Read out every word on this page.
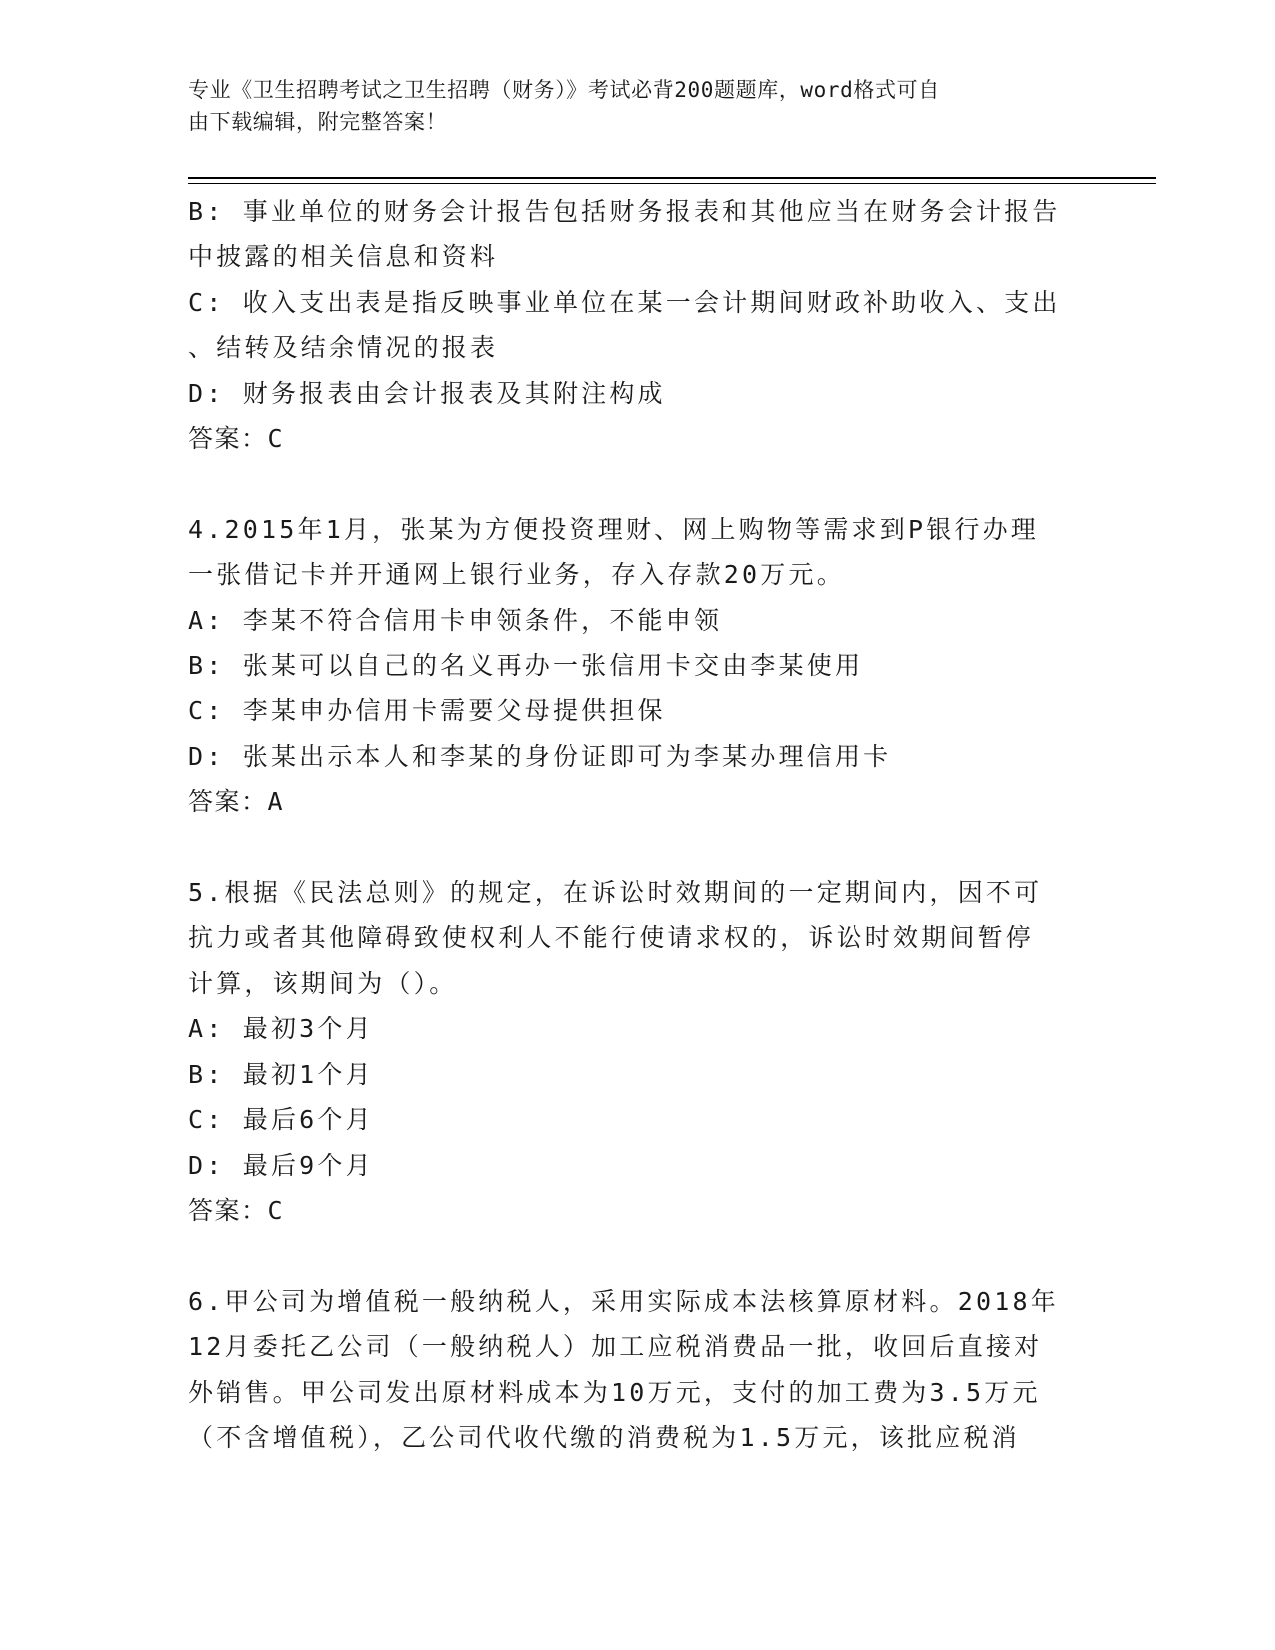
专业《卫生招聘考试之卫生招聘（财务）》考试必背200题题库，word格式可自
由下载编辑，附完整答案！
B: 事业单位的财务会计报告包括财务报表和其他应当在财务会计报告
中披露的相关信息和资料
C: 收入支出表是指反映事业单位在某一会计期间财政补助收入、支出
、结转及结余情况的报表
D: 财务报表由会计报表及其附注构成
答案：C
4.2015年1月，张某为方便投资理财、网上购物等需求到P银行办理
一张借记卡并开通网上银行业务，存入存款20万元。
A: 李某不符合信用卡申领条件，不能申领
B: 张某可以自己的名义再办一张信用卡交由李某使用
C: 李某申办信用卡需要父母提供担保
D: 张某出示本人和李某的身份证即可为李某办理信用卡
答案：A
5.根据《民法总则》的规定，在诉讼时效期间的一定期间内，因不可
抗力或者其他障碍致使权利人不能行使请求权的，诉讼时效期间暂停
计算，该期间为（）。
A: 最初3个月
B: 最初1个月
C: 最后6个月
D: 最后9个月
答案：C
6.甲公司为增值税一般纳税人，采用实际成本法核算原材料。2018年
12月委托乙公司（一般纳税人）加工应税消费品一批，收回后直接对
外销售。甲公司发出原材料成本为10万元，支付的加工费为3.5万元
（不含增值税），乙公司代收代缴的消费税为1.5万元，该批应税消
